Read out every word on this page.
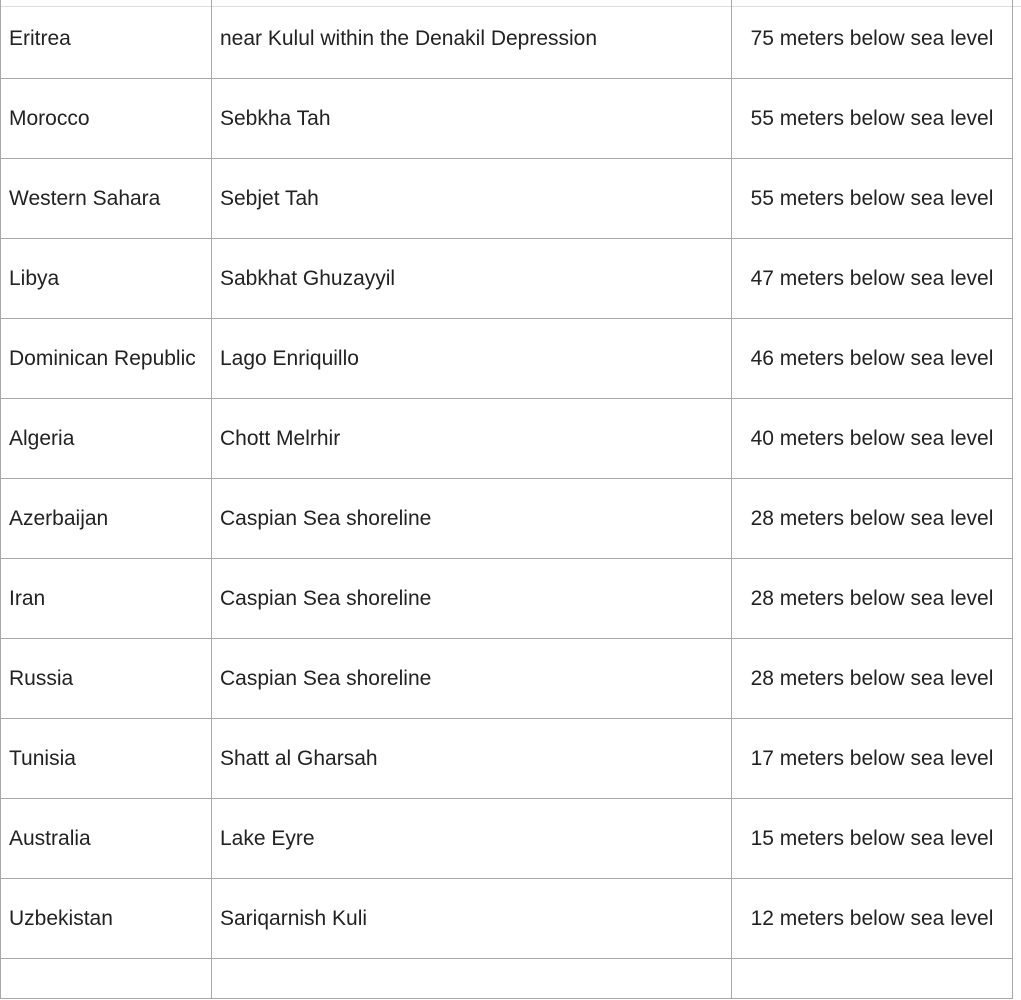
Eritrea	near Kulul within the Denakil Depression	75 meters below sea level
Morocco	Sebkha Tah	55 meters below sea level
Western Sahara	Sebjet Tah	55 meters below sea level
Libya	Sabkhat Ghuzayyil	47 meters below sea level
Dominican Republic	Lago Enriquillo	46 meters below sea level
Algeria	Chott Melrhir	40 meters below sea level
Azerbaijan	Caspian Sea shoreline	28 meters below sea level
Iran	Caspian Sea shoreline	28 meters below sea level
Russia	Caspian Sea shoreline	28 meters below sea level
Tunisia	Shatt al Gharsah	17 meters below sea level
Australia	Lake Eyre	15 meters below sea level
Uzbekistan	Sariqarnish Kuli	12 meters below sea level
